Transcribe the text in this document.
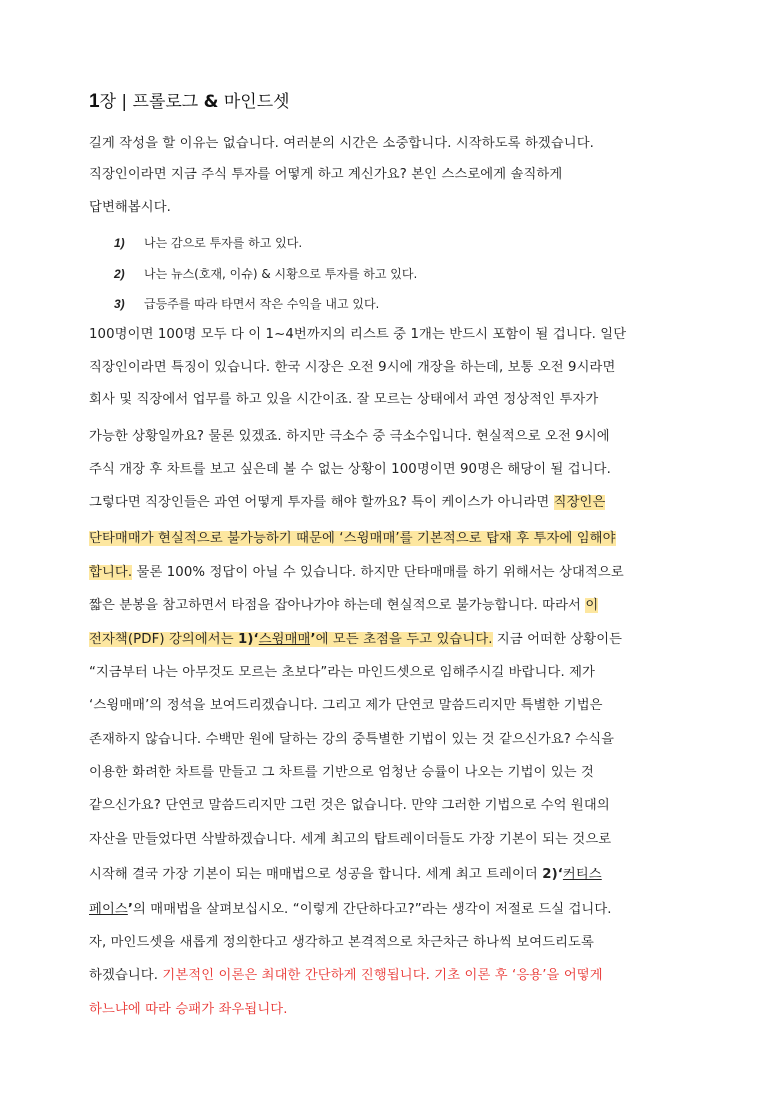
1장 | 프롤로그 & 마인드셋
길게 작성을 할 이유는 없습니다. 여러분의 시간은 소중합니다. 시작하도록 하겠습니다.
직장인이라면 지금 주식 투자를 어떻게 하고 계신가요? 본인 스스로에게 솔직하게
답변해봅시다.
1) 나는 감으로 투자를 하고 있다.
2) 나는 뉴스(호재, 이슈) & 시황으로 투자를 하고 있다.
3) 급등주를 따라 타면서 작은 수익을 내고 있다.
100명이면 100명 모두 다 이 1~4번까지의 리스트 중 1개는 반드시 포함이 될 겁니다. 일단
직장인이라면 특징이 있습니다. 한국 시장은 오전 9시에 개장을 하는데, 보통 오전 9시라면
회사 및 직장에서 업무를 하고 있을 시간이죠. 잘 모르는 상태에서 과연 정상적인 투자가
가능한 상황일까요? 물론 있겠죠. 하지만 극소수 중 극소수입니다. 현실적으로 오전 9시에
주식 개장 후 차트를 보고 싶은데 볼 수 없는 상황이 100명이면 90명은 해당이 될 겁니다.
그렇다면 직장인들은 과연 어떻게 투자를 해야 할까요? 특이 케이스가 아니라면 직장인은
단타매매가 현실적으로 불가능하기 때문에 ‘스윙매매’를 기본적으로 탑재 후 투자에 임해야
합니다. 물론 100% 정답이 아닐 수 있습니다. 하지만 단타매매를 하기 위해서는 상대적으로
짧은 분봉을 참고하면서 타점을 잡아나가야 하는데 현실적으로 불가능합니다. 따라서 이
전자책(PDF) 강의에서는 1)‘스윙매매’에 모든 초점을 두고 있습니다. 지금 어떠한 상황이든
“지금부터 나는 아무것도 모르는 초보다”라는 마인드셋으로 임해주시길 바랍니다. 제가
‘스윙매매’의 정석을 보여드리겠습니다. 그리고 제가 단연코 말씀드리지만 특별한 기법은
존재하지 않습니다. 수백만 원에 달하는 강의 중특별한 기법이 있는 것 같으신가요? 수식을
이용한 화려한 차트를 만들고 그 차트를 기반으로 엄청난 승률이 나오는 기법이 있는 것
같으신가요? 단연코 말씀드리지만 그런 것은 없습니다. 만약 그러한 기법으로 수억 원대의
자산을 만들었다면 삭발하겠습니다. 세계 최고의 탑트레이더들도 가장 기본이 되는 것으로
시작해 결국 가장 기본이 되는 매매법으로 성공을 합니다. 세계 최고 트레이더 2)‘커티스
페이스’의 매매법을 살펴보십시오. “이렇게 간단하다고?”라는 생각이 저절로 드실 겁니다.
자, 마인드셋을 새롭게 정의한다고 생각하고 본격적으로 차근차근 하나씩 보여드리도록
하겠습니다. 기본적인 이론은 최대한 간단하게 진행됩니다. 기초 이론 후 ‘응용’을 어떻게
하느냐에 따라 승패가 좌우됩니다.
